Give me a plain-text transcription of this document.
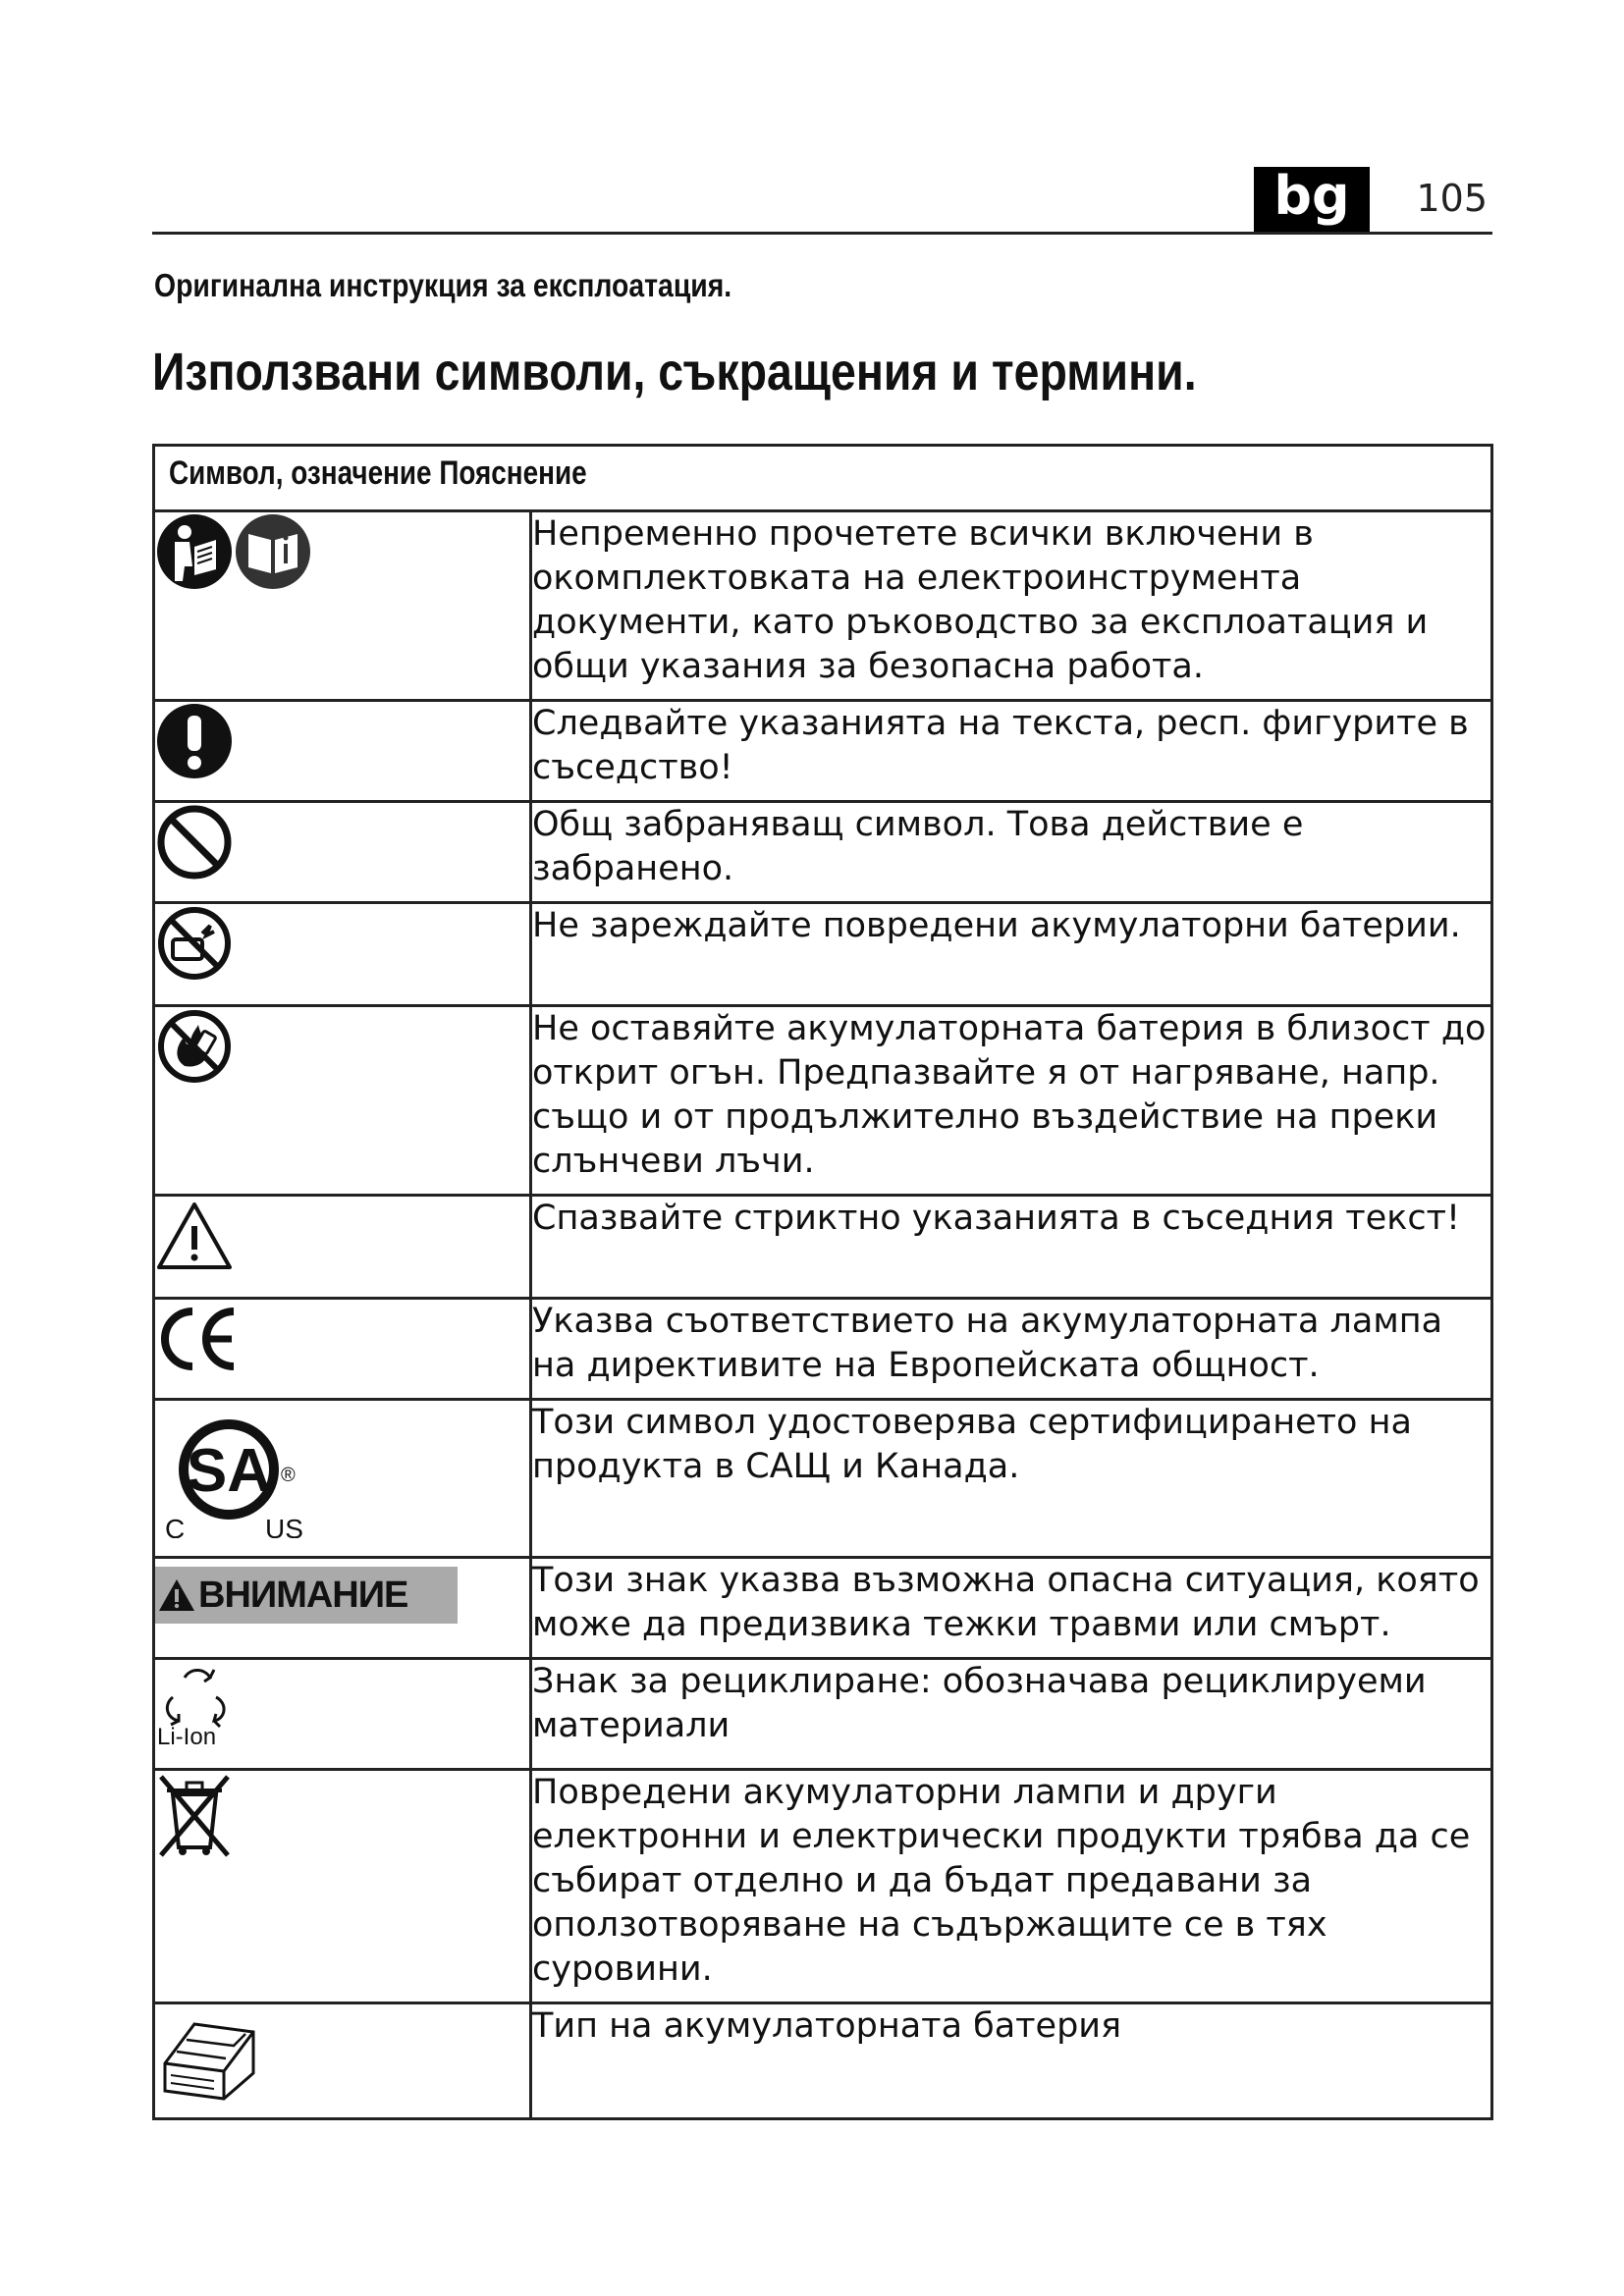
bg	105
Оригинална инструкция за експлоатация.
Използвани символи, съкращения и термини.
Символ, означение Пояснение	

	Непременно прочетете всички включени в окомплектовката на електроинструмента документи, като ръководство за експлоатация и общи указания за безопасна работа.

	Следвайте указанията на текста, респ. фигурите в съседство!

	Общ забраняващ символ. Това действие е забранено.

	Не зареждайте повредени акумулаторни батерии.

	Не оставяйте акумулаторната батерия в близост до открит огън. Предпазвайте я от нагряване, напр. също и от продължително въздействие на преки слънчеви лъчи.

	Спазвайте стриктно указанията в съседния текст!

	Указва съответствието на акумулаторната лампа на директивите на Европейската общност.

SA
C US
®	Този символ удостоверява сертифицирането на продукта в САЩ и Канада.

ВНИМАНИЕ	Този знак указва възможна опасна ситуация, която може да предизвика тежки травми или смърт.

Li-Ion	Знак за рециклиране: обозначава рециклируеми материали

	Повредени акумулаторни лампи и други електронни и електрически продукти трябва да се събират отделно и да бъдат предавани за оползотворяване на съдържащите се в тях суровини.

	Тип на акумулаторната батерия
